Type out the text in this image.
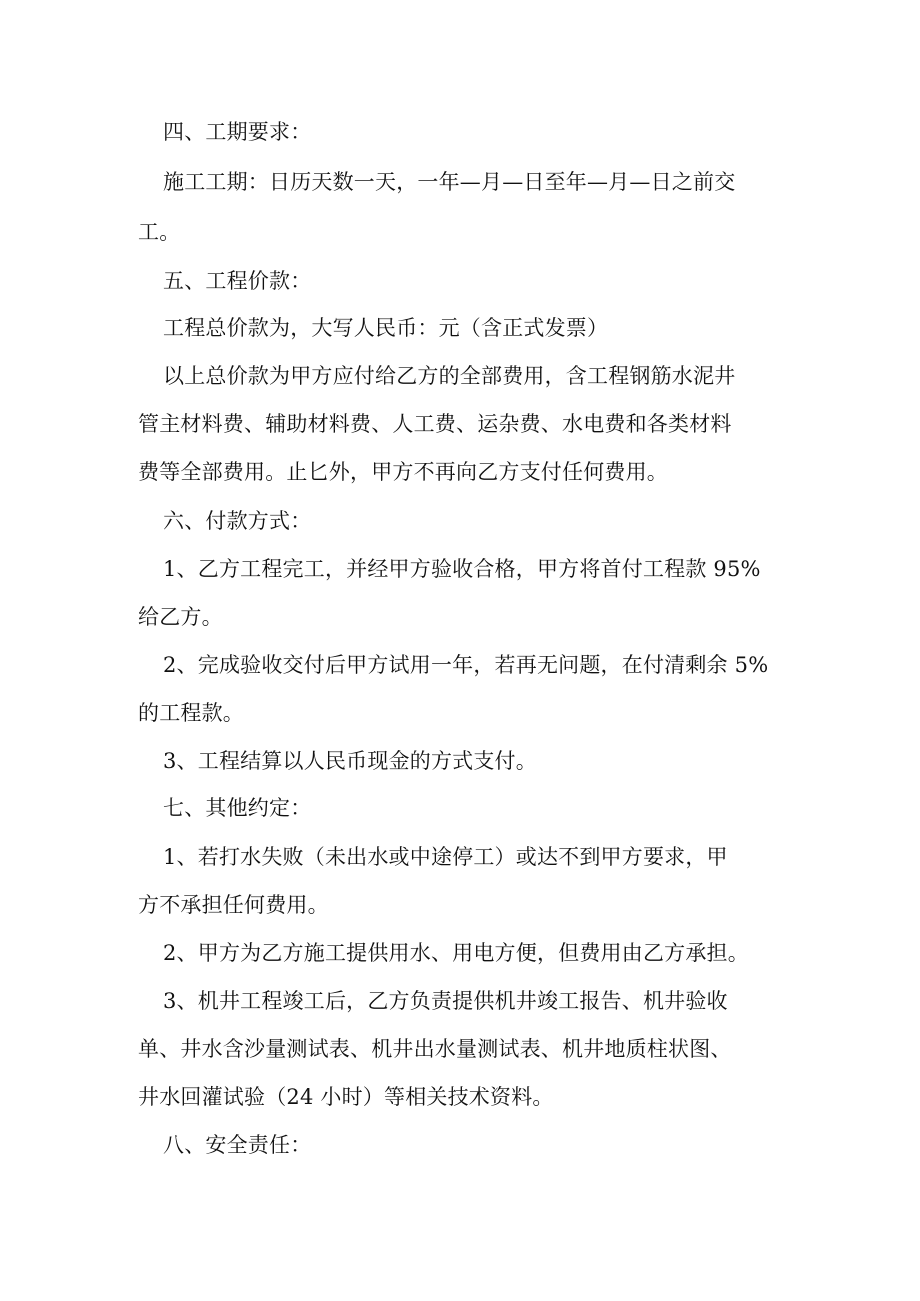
四、工期要求：
施工工期：日历天数一天，一年—月—日至年—月—日之前交
工。
五、工程价款：
工程总价款为，大写人民币：元（含正式发票）
以上总价款为甲方应付给乙方的全部费用，含工程钢筋水泥井
管主材料费、辅助材料费、人工费、运杂费、水电费和各类材料
费等全部费用。止匕外，甲方不再向乙方支付任何费用。
六、付款方式：
1、乙方工程完工，并经甲方验收合格，甲方将首付工程款 95%
给乙方。
2、完成验收交付后甲方试用一年，若再无问题，在付清剩余 5%
的工程款。
3、工程结算以人民币现金的方式支付。
七、其他约定：
1、若打水失败（未出水或中途停工）或达不到甲方要求，甲
方不承担任何费用。
2、甲方为乙方施工提供用水、用电方便，但费用由乙方承担。
3、机井工程竣工后，乙方负责提供机井竣工报告、机井验收
单、井水含沙量测试表、机井出水量测试表、机井地质柱状图、
井水回灌试验（24 小时）等相关技术资料。
八、安全责任：
